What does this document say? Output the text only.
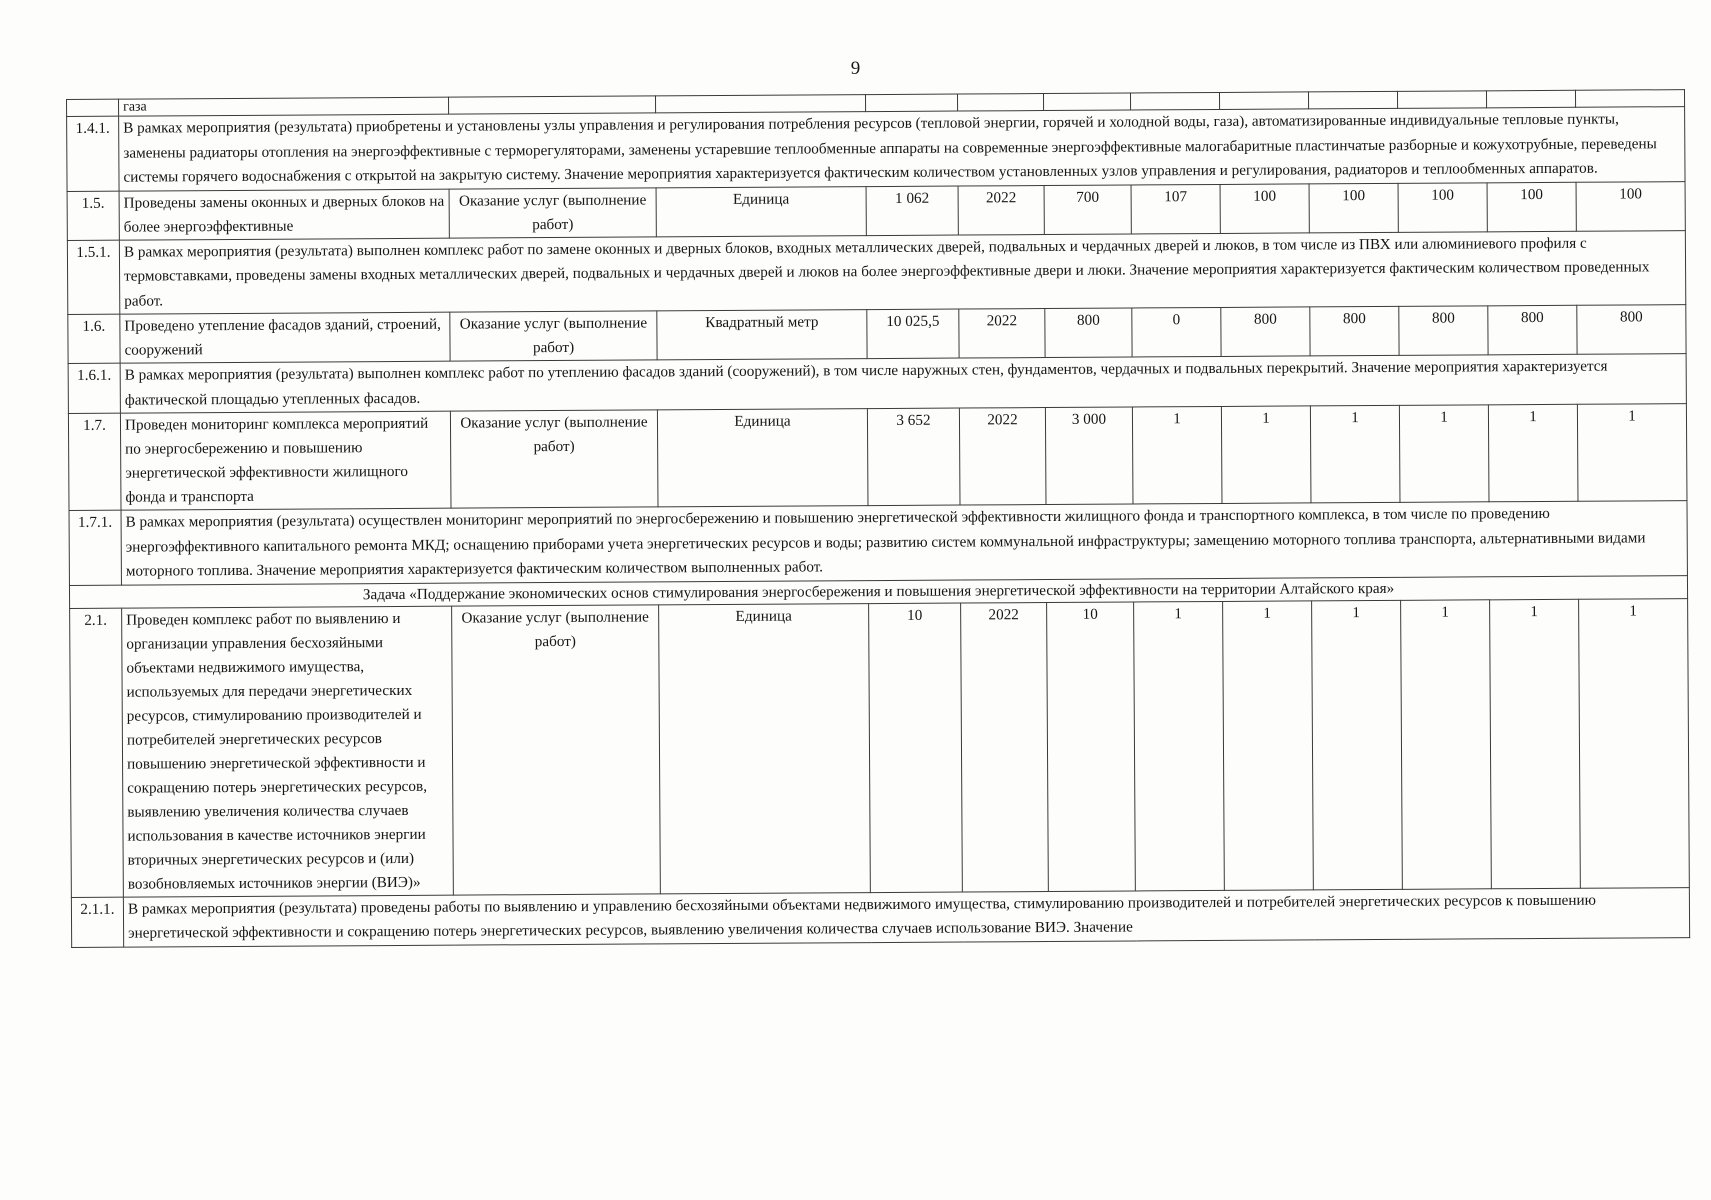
9
	газа											
1.4.1.	В рамках мероприятия (результата) приобретены и установлены узлы управления и регулирования потребления ресурсов (тепловой энергии, горячей и холодной воды, газа), автоматизированные индивидуальные тепловые пункты, заменены радиаторы отопления на энергоэффективные с терморегуляторами, заменены устаревшие теплообменные аппараты на современные энергоэффективные малогабаритные пластинчатые разборные и кожухотрубные, переведены системы горячего водоснабжения с открытой на закрытую систему. Значение мероприятия характеризуется фактическим количеством установленных узлов управления и регулирования, радиаторов и теплообменных аппаратов.											
1.5.	Проведены замены оконных и дверных блоков на более энергоэффективные	Оказание услуг (выполнение работ)	Единица	1 062	2022	700	107	100	100	100	100	100
1.5.1.	В рамках мероприятия (результата) выполнен комплекс работ по замене оконных и дверных блоков, входных металлических дверей, подвальных и чердачных дверей и люков, в том числе из ПВХ или алюминиевого профиля с термовставками, проведены замены входных металлических дверей, подвальных и чердачных дверей и люков на более энергоэффективные двери и люки. Значение мероприятия характеризуется фактическим количеством проведенных работ.											
1.6.	Проведено утепление фасадов зданий, строений, сооружений	Оказание услуг (выполнение работ)	Квадратный метр	10 025,5	2022	800	0	800	800	800	800	800
1.6.1.	В рамках мероприятия (результата) выполнен комплекс работ по утеплению фасадов зданий (сооружений), в том числе наружных стен, фундаментов, чердачных и подвальных перекрытий. Значение мероприятия характеризуется фактической площадью утепленных фасадов.											
1.7.	Проведен мониторинг комплекса мероприятий по энергосбережению и повышению энергетической эффективности жилищного фонда и транспорта	Оказание услуг (выполнение работ)	Единица	3 652	2022	3 000	1	1	1	1	1	1
1.7.1.	В рамках мероприятия (результата) осуществлен мониторинг мероприятий по энергосбережению и повышению энергетической эффективности жилищного фонда и транспортного комплекса, в том числе по проведению энергоэффективного капитального ремонта МКД; оснащению приборами учета энергетических ресурсов и воды; развитию систем коммунальной инфраструктуры; замещению моторного топлива транспорта, альтернативными видами моторного топлива. Значение мероприятия характеризуется фактическим количеством выполненных работ.											
Задача «Поддержание экономических основ стимулирования энергосбережения и повышения энергетической эффективности на территории Алтайского края»												
2.1.	Проведен комплекс работ по выявлению и организации управления бесхозяйными объектами недвижимого имущества, используемых для передачи энергетических ресурсов, стимулированию производителей и потребителей энергетических ресурсов повышению энергетической эффективности и сокращению потерь энергетических ресурсов, выявлению увеличения количества случаев использования в качестве источников энергии вторичных энергетических ресурсов и (или) возобновляемых источников энергии (ВИЭ)»	Оказание услуг (выполнение работ)	Единица	10	2022	10	1	1	1	1	1	1
2.1.1.	В рамках мероприятия (результата) проведены работы по выявлению и управлению бесхозяйными объектами недвижимого имущества, стимулированию производителей и потребителей энергетических ресурсов к повышению энергетической эффективности и сокращению потерь энергетических ресурсов, выявлению увеличения количества случаев использование ВИЭ. Значение											
